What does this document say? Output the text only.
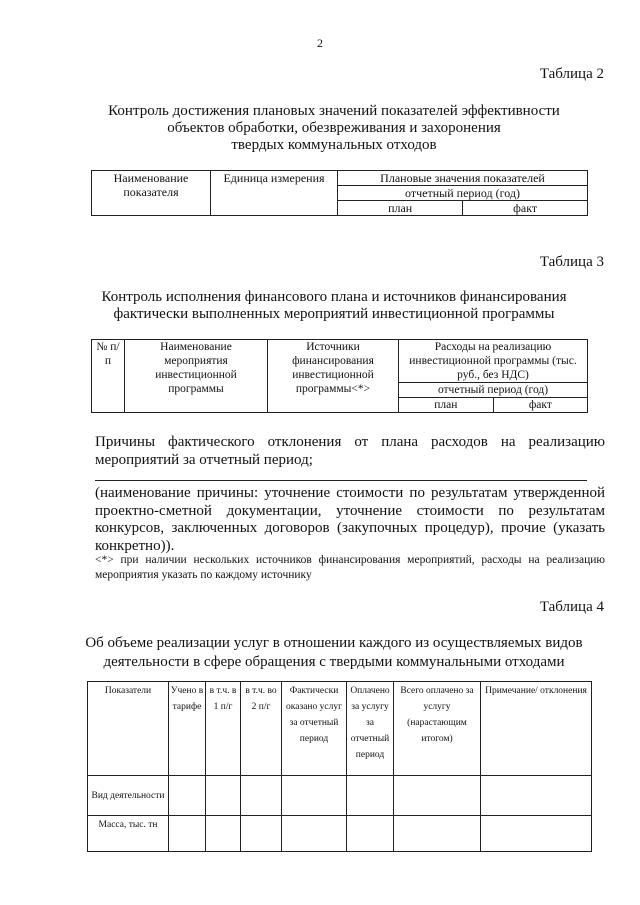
2
Таблица 2
Контроль достижения плановых значений показателей эффективности
объектов обработки, обезвреживания и захоронения
твердых коммунальных отходов
Наименование показателя	Единица измерения	Плановые значения показателей	
		отчетный период (год)	
		план	факт
Таблица 3
Контроль исполнения финансового плана и источников финансирования
фактически выполненных мероприятий инвестиционной программы
№ п/п	Наименование мероприятия инвестиционной программы	Источники финансирования инвестиционной программы<*>	Расходы на реализацию инвестиционной программы (тыс. руб., без НДС)	
			отчетный период (год)	
			план	факт
Причины фактического отклонения от плана расходов на реализацию мероприятий за отчетный период;
(наименование причины: уточнение стоимости по результатам утвержденной проектно-сметной документации, уточнение стоимости по результатам конкурсов, заключенных договоров (закупочных процедур), прочие (указать конкретно)).
<*> при наличии нескольких источников финансирования мероприятий, расходы на реализацию мероприятия указать по каждому источнику
Таблица 4
Об объеме реализации услуг в отношении каждого из осуществляемых видов
деятельности в сфере обращения с твердыми коммунальными отходами
Показатели	Учено в тарифе	в т.ч. в 1 п/г	в т.ч. во 2 п/г	Фактически оказано услуг за отчетный период	Оплачено за услугу за отчетный период	Всего оплачено за услугу (нарастающим итогом)	Примечание/ отклонения
Вид деятельности							
Масса, тыс. тн							
